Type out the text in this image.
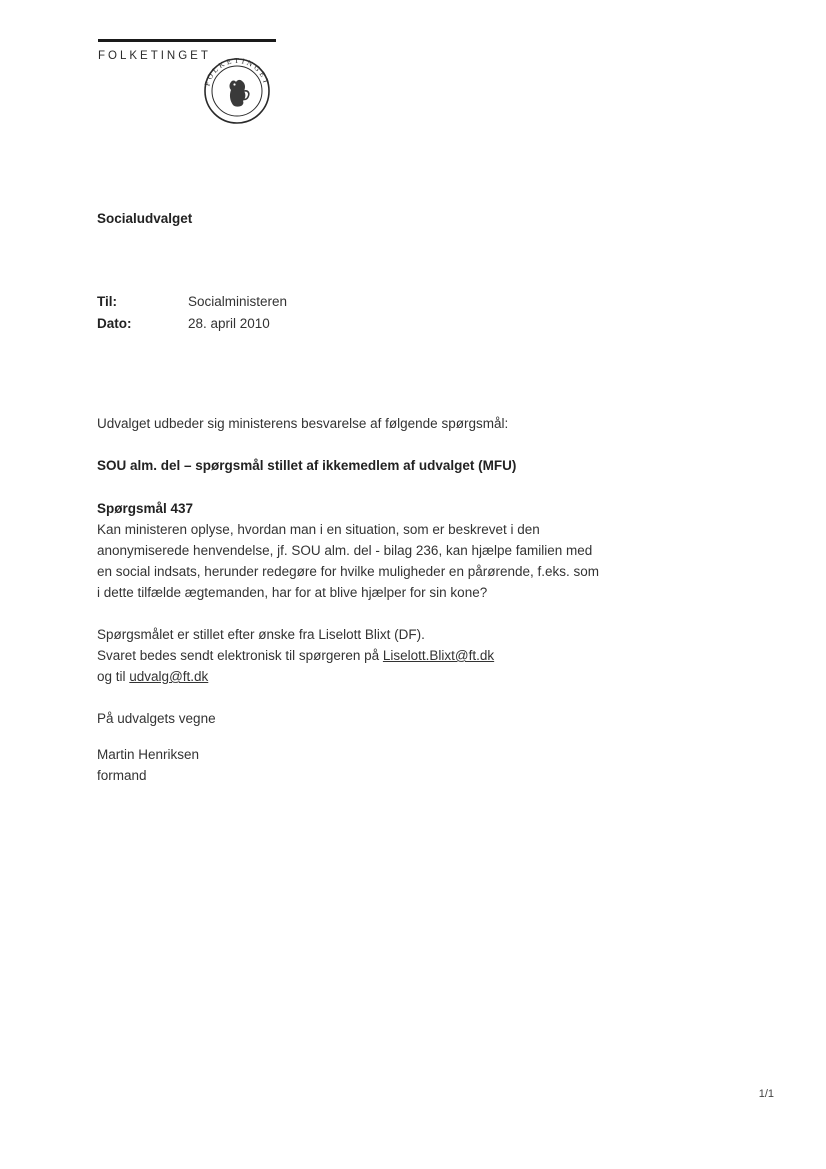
FOLKETINGET
FOLKETINGET
Socialudvalget
Til:	Socialministeren
Dato:	28. april 2010

Udvalget udbeder sig ministerens besvarelse af følgende spørgsmål:

SOU alm. del – spørgsmål stillet af ikkemedlem af udvalget (MFU)

Spørgsmål 437

Kan ministeren oplyse, hvordan man i en situation, som er beskrevet i den anonymiserede henvendelse, jf. SOU alm. del - bilag 236, kan hjælpe familien med en social indsats, herunder redegøre for hvilke muligheder en pårørende, f.eks. som i dette tilfælde ægtemanden, har for at blive hjælper for sin kone?

Spørgsmålet er stillet efter ønske fra Liselott Blixt (DF).

Svaret bedes sendt elektronisk til spørgeren på Liselott.Blixt@ft.dk

og til udvalg@ft.dk

På udvalgets vegne

Martin Henriksen
formand
1/1
